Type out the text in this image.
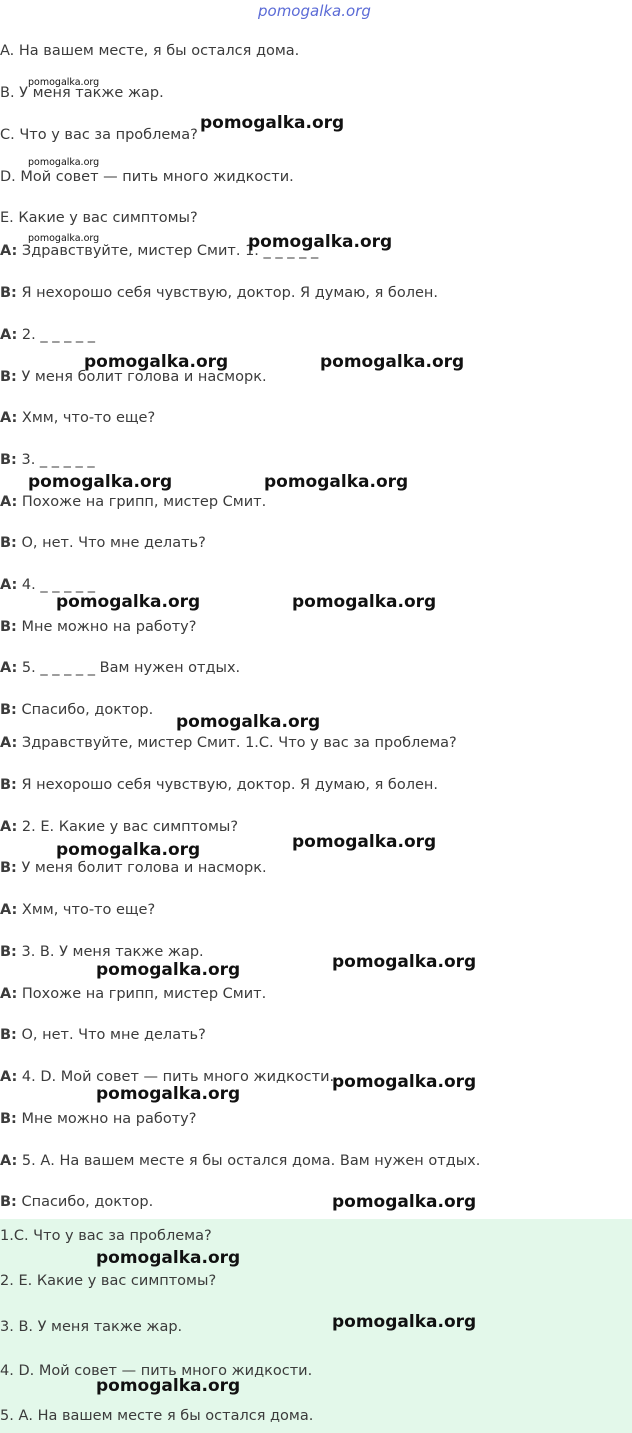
pomogalka.org

A. На вашем месте, я бы остался дома.

B. У меня также жар.

C. Что у вас за проблема?

D. Мой совет — пить много жидкости.

E. Какие у вас симптомы?

A: Здравствуйте, мистер Смит. 1. _ _ _ _ _

B: Я нехорошо себя чувствую, доктор. Я думаю, я болен.

A: 2. _ _ _ _ _

B: У меня болит голова и насморк.

A: Хмм, что-то еще?

B: 3. _ _ _ _ _

A: Похоже на грипп, мистер Смит.

B: О, нет. Что мне делать?

A: 4. _ _ _ _ _

B: Мне можно на работу?

A: 5. _ _ _ _ _ Вам нужен отдых.

B: Спасибо, доктор.

A: Здравствуйте, мистер Смит. 1.С. Что у вас за проблема?

B: Я нехорошо себя чувствую, доктор. Я думаю, я болен.

A: 2. Е. Какие у вас симптомы?

B: У меня болит голова и насморк.

A: Хмм, что-то еще?

B: 3. В. У меня также жар.

A: Похоже на грипп, мистер Смит.

B: О, нет. Что мне делать?

A: 4. D. Мой совет — пить много жидкости.

B: Мне можно на работу?

A: 5. А. На вашем месте я бы остался дома. Вам нужен отдых.

B: Спасибо, доктор.

1.С. Что у вас за проблема?

2. Е. Какие у вас симптомы?

3. В. У меня также жар.

4. D. Мой совет — пить много жидкости.

5. А. На вашем месте я бы остался дома.

pomogalka.org

pomogalka.org

pomogalka.org

pomogalka.org

pomogalka.org

pomogalka.org	pomogalka.org

pomogalka.org	pomogalka.org

pomogalka.org	pomogalka.org

pomogalka.org

pomogalka.org

pomogalka.org

pomogalka.org

pomogalka.org

pomogalka.org

pomogalka.org

pomogalka.org

pomogalka.org

pomogalka.org

pomogalka.org
